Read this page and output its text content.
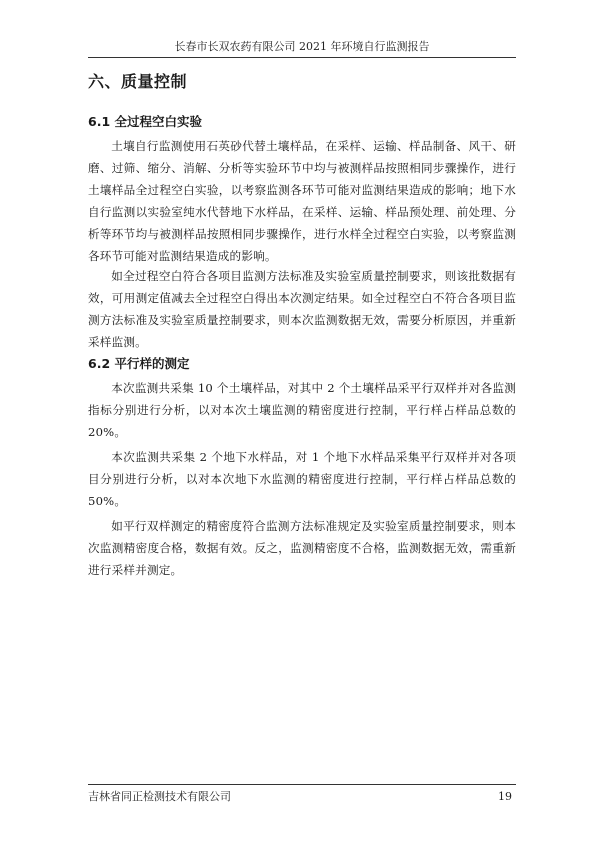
长春市长双农药有限公司 2021 年环境自行监测报告
六、质量控制
6.1 全过程空白实验
土壤自行监测使用石英砂代替土壤样品，在采样、运输、样品制备、风干、研磨、过筛、缩分、消解、分析等实验环节中均与被测样品按照相同步骤操作，进行土壤样品全过程空白实验，以考察监测各环节可能对监测结果造成的影响；地下水自行监测以实验室纯水代替地下水样品，在采样、运输、样品预处理、前处理、分析等环节均与被测样品按照相同步骤操作，进行水样全过程空白实验，以考察监测各环节可能对监测结果造成的影响。
如全过程空白符合各项目监测方法标准及实验室质量控制要求，则该批数据有效，可用测定值减去全过程空白得出本次测定结果。如全过程空白不符合各项目监测方法标准及实验室质量控制要求，则本次监测数据无效，需要分析原因，并重新采样监测。
6.2 平行样的测定
本次监测共采集 10 个土壤样品，对其中 2 个土壤样品采平行双样并对各监测指标分别进行分析，以对本次土壤监测的精密度进行控制，平行样占样品总数的 20%。
本次监测共采集 2 个地下水样品，对 1 个地下水样品采集平行双样并对各项目分别进行分析，以对本次地下水监测的精密度进行控制，平行样占样品总数的 50%。
如平行双样测定的精密度符合监测方法标准规定及实验室质量控制要求，则本次监测精密度合格，数据有效。反之，监测精密度不合格，监测数据无效，需重新进行采样并测定。
吉林省同正检测技术有限公司	19
